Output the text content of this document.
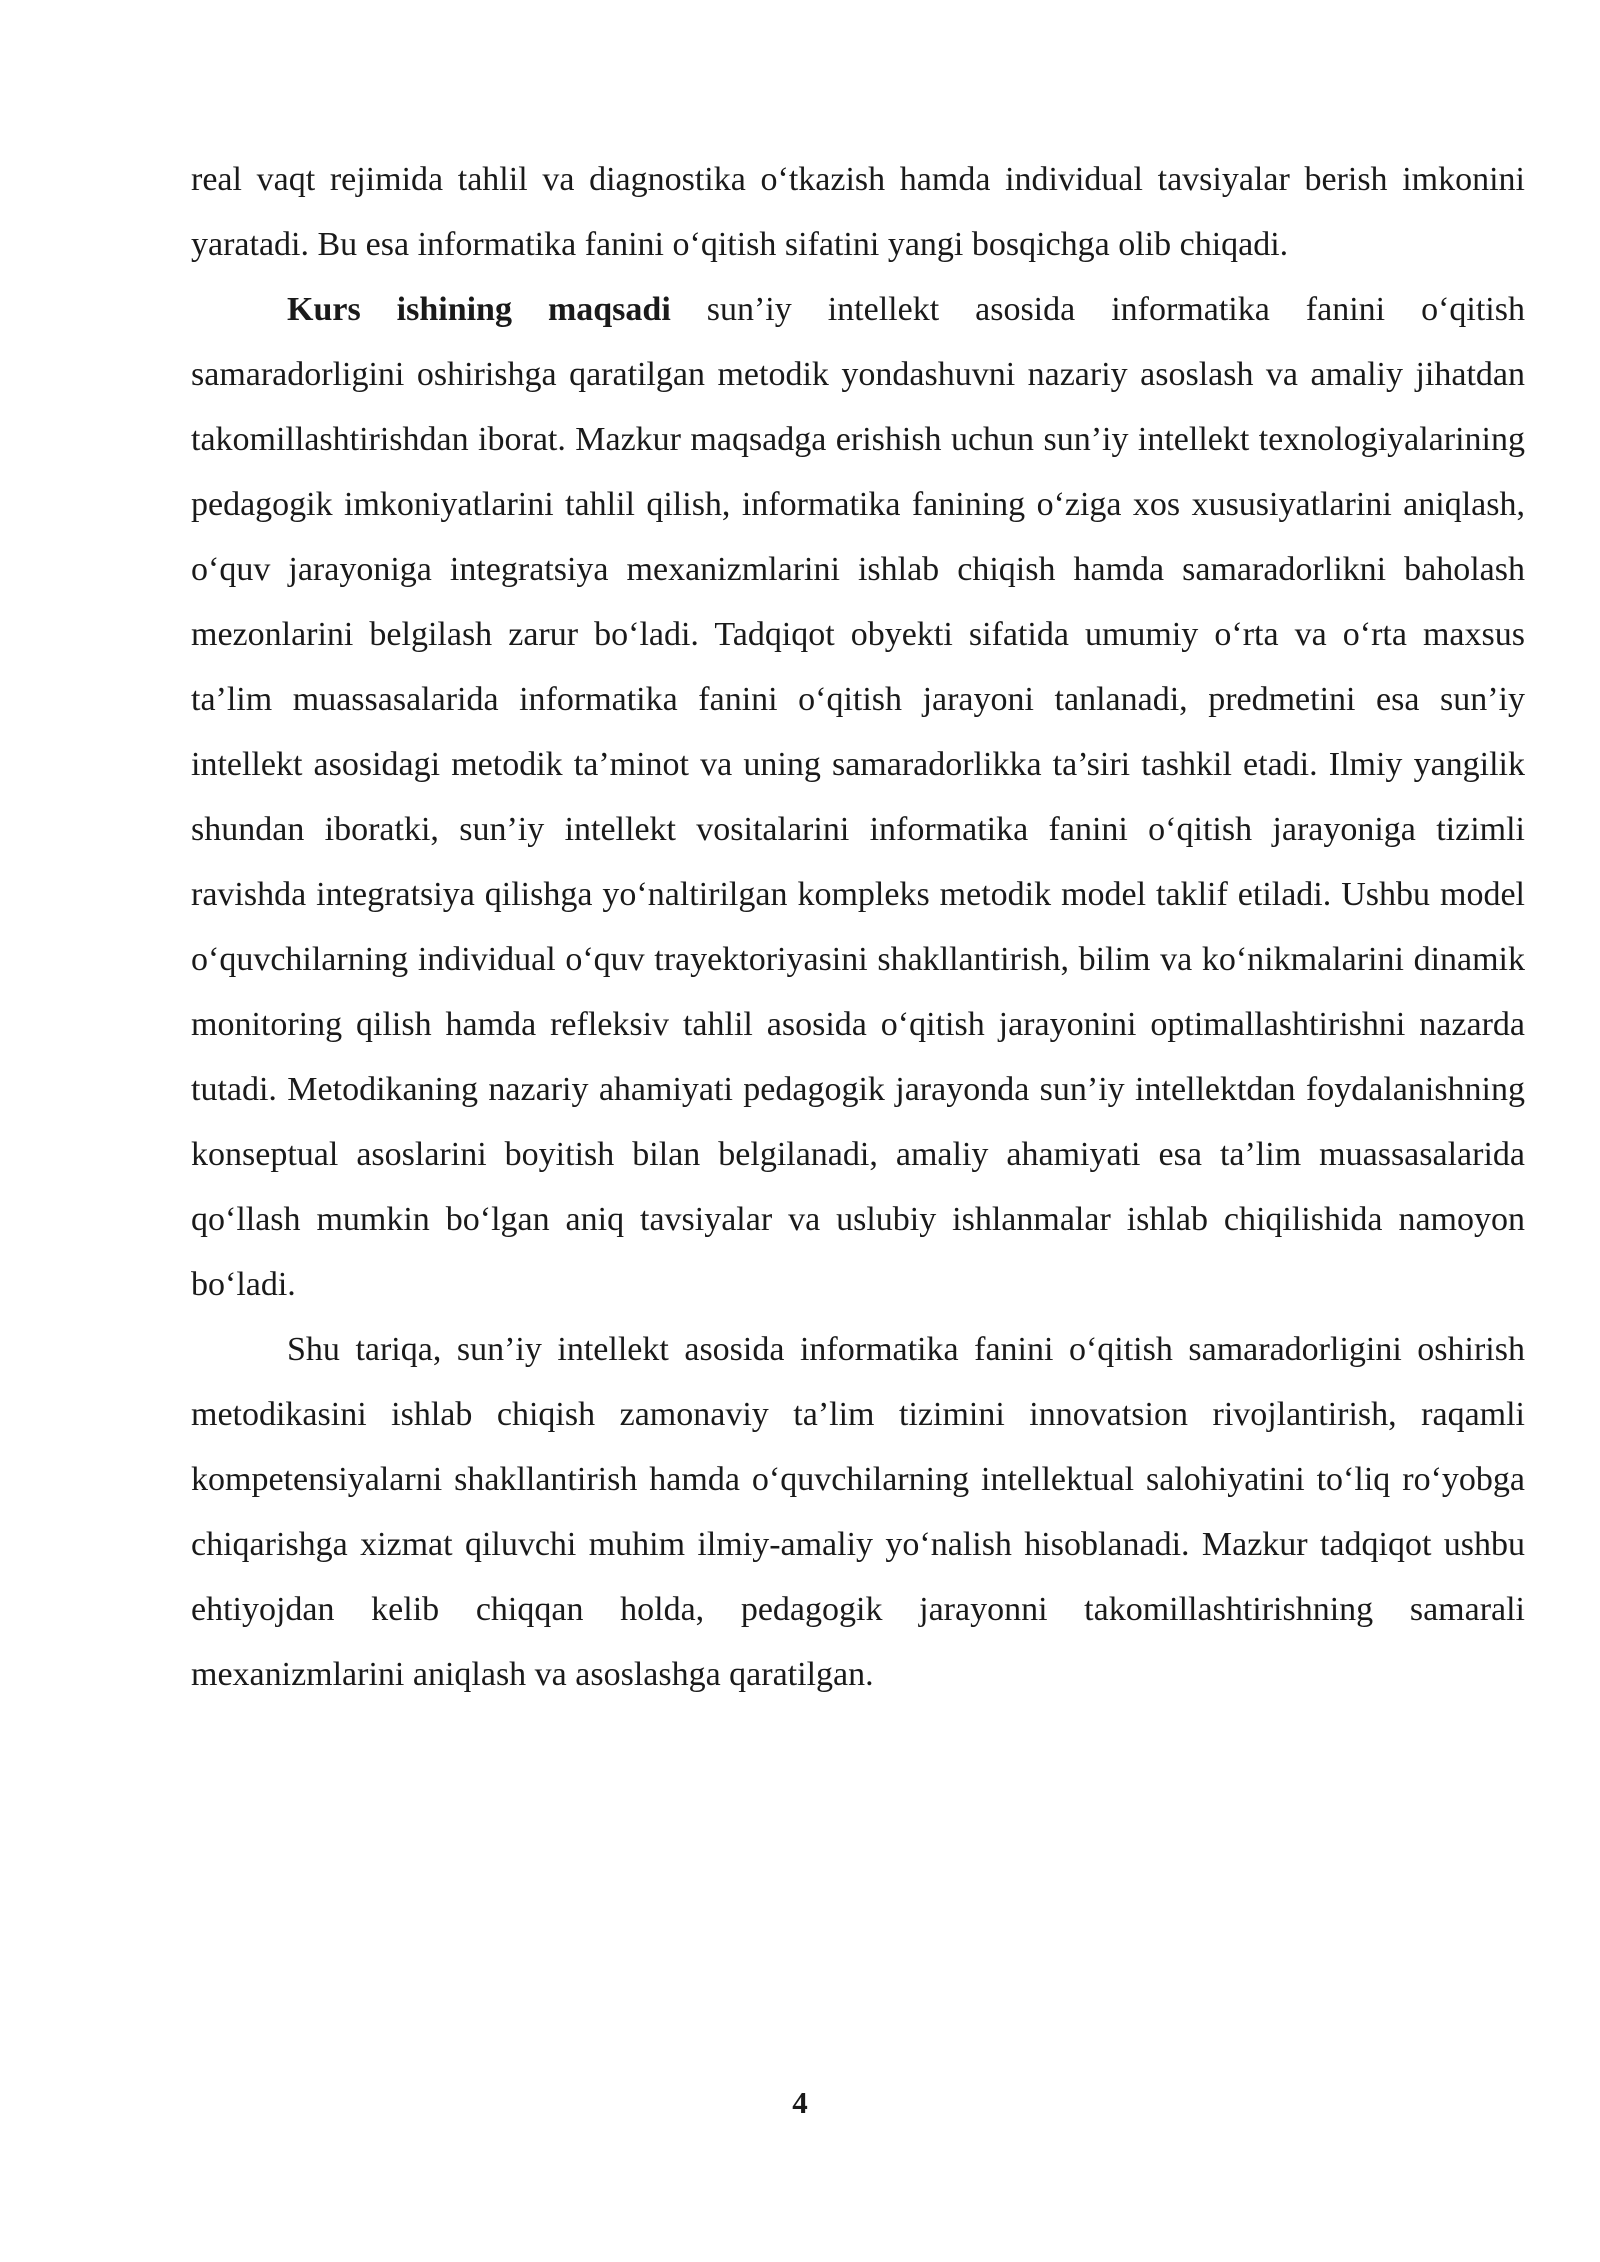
real vaqt rejimida tahlil va diagnostika o‘tkazish hamda individual tavsiyalar berish imkonini yaratadi. Bu esa informatika fanini o‘qitish sifatini yangi bosqichga olib chiqadi.

Kurs ishining maqsadi sun’iy intellekt asosida informatika fanini o‘qitish samaradorligini oshirishga qaratilgan metodik yondashuvni nazariy asoslash va amaliy jihatdan takomillashtirishdan iborat. Mazkur maqsadga erishish uchun sun’iy intellekt texnologiyalarining pedagogik imkoniyatlarini tahlil qilish, informatika fanining o‘ziga xos xususiyatlarini aniqlash, o‘quv jarayoniga integratsiya mexanizmlarini ishlab chiqish hamda samaradorlikni baholash mezonlarini belgilash zarur bo‘ladi. Tadqiqot obyekti sifatida umumiy o‘rta va o‘rta maxsus ta’lim muassasalarida informatika fanini o‘qitish jarayoni tanlanadi, predmetini esa sun’iy intellekt asosidagi metodik ta’minot va uning samaradorlikka ta’siri tashkil etadi. Ilmiy yangilik shundan iboratki, sun’iy intellekt vositalarini informatika fanini o‘qitish jarayoniga tizimli ravishda integratsiya qilishga yo‘naltirilgan kompleks metodik model taklif etiladi. Ushbu model o‘quvchilarning individual o‘quv trayektoriyasini shakllantirish, bilim va ko‘nikmalarini dinamik monitoring qilish hamda refleksiv tahlil asosida o‘qitish jarayonini optimallashtirishni nazarda tutadi. Metodikaning nazariy ahamiyati pedagogik jarayonda sun’iy intellektdan foydalanishning konseptual asoslarini boyitish bilan belgilanadi, amaliy ahamiyati esa ta’lim muassasalarida qo‘llash mumkin bo‘lgan aniq tavsiyalar va uslubiy ishlanmalar ishlab chiqilishida namoyon bo‘ladi.

Shu tariqa, sun’iy intellekt asosida informatika fanini o‘qitish samaradorligini oshirish metodikasini ishlab chiqish zamonaviy ta’lim tizimini innovatsion rivojlantirish, raqamli kompetensiyalarni shakllantirish hamda o‘quvchilarning intellektual salohiyatini to‘liq ro‘yobga chiqarishga xizmat qiluvchi muhim ilmiy-amaliy yo‘nalish hisoblanadi. Mazkur tadqiqot ushbu ehtiyojdan kelib chiqqan holda, pedagogik jarayonni takomillashtirishning samarali mexanizmlarini aniqlash va asoslashga qaratilgan.

4
